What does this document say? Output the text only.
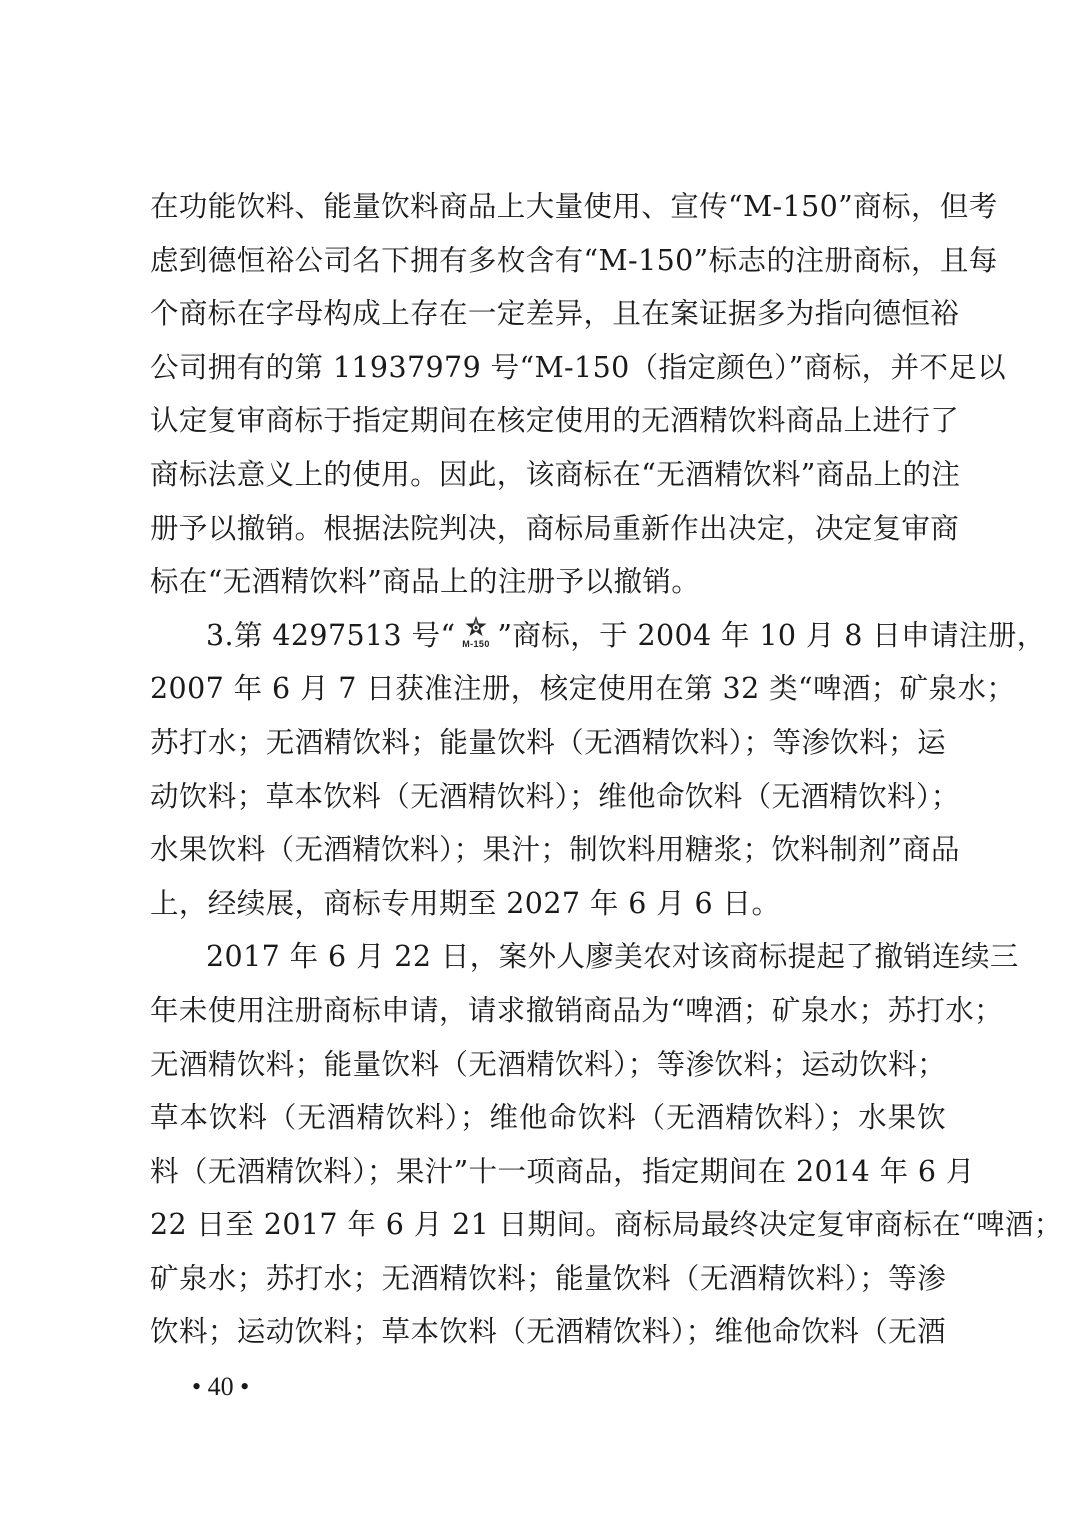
在功能饮料、能量饮料商品上大量使用、宣传“M-150”商标，但考
虑到德恒裕公司名下拥有多枚含有“M-150”标志的注册商标，且每
个商标在字母构成上存在一定差异，且在案证据多为指向德恒裕
公司拥有的第 11937979 号“M-150（指定颜色）”商标，并不足以
认定复审商标于指定期间在核定使用的无酒精饮料商品上进行了
商标法意义上的使用。因此，该商标在“无酒精饮料”商品上的注
册予以撤销。根据法院判决，商标局重新作出决定，决定复审商
标在“无酒精饮料”商品上的注册予以撤销。
3.第 4297513 号“ M-150 ”商标，于 2004 年 10 月 8 日申请注册，
2007 年 6 月 7 日获准注册，核定使用在第 32 类“啤酒；矿泉水；
苏打水；无酒精饮料；能量饮料（无酒精饮料）；等渗饮料；运
动饮料；草本饮料（无酒精饮料）；维他命饮料（无酒精饮料）；
水果饮料（无酒精饮料）；果汁；制饮料用糖浆；饮料制剂”商品
上，经续展，商标专用期至 2027 年 6 月 6 日。
2017 年 6 月 22 日，案外人廖美农对该商标提起了撤销连续三
年未使用注册商标申请，请求撤销商品为“啤酒；矿泉水；苏打水；
无酒精饮料；能量饮料（无酒精饮料）；等渗饮料；运动饮料；
草本饮料（无酒精饮料）；维他命饮料（无酒精饮料）；水果饮
料（无酒精饮料）；果汁”十一项商品，指定期间在 2014 年 6 月
22 日至 2017 年 6 月 21 日期间。商标局最终决定复审商标在“啤酒；
矿泉水；苏打水；无酒精饮料；能量饮料（无酒精饮料）；等渗
饮料；运动饮料；草本饮料（无酒精饮料）；维他命饮料（无酒
• 40 •
